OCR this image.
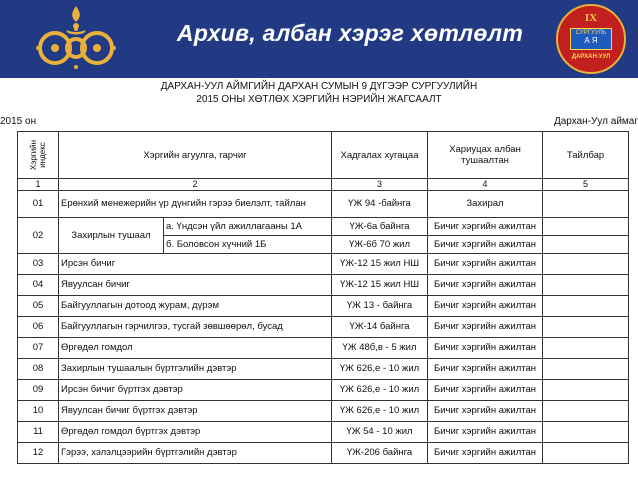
Архив, албан хэрэг хөтлөлт
IX
СУРГУУЛЬ
А Я
ДАРХАН-УУЛ
ДАРХАН-УУЛ АЙМГИЙН ДАРХАН СУМЫН 9 ДҮГЭЭР СУРГУУЛИЙН
2015 ОНЫ ХӨТЛӨХ ХЭРГИЙН НЭРИЙН ЖАГСААЛТ
2015 он	Дархан-Уул аймаг
Хэргийн индекс	Хэргийн агуулга, гарчиг		Хадгалах хугацаа	Хариуцах албан тушаалтан	Тайлбар
1	2		3	4	5
01	Ерөнхий менежерийн үр дүнгийн гэрээ биелэлт, тайлан		ҮЖ 94 -байнга	Захирал	
02	Захирлын тушаал	а. Үндсэн үйл ажиллагааны 1А	ҮЖ-6а байнга	Бичиг хэргийн ажилтан	
		б. Боловсон хүчний 1Б	ҮЖ-6б 70 жил	Бичиг хэргийн ажилтан	
03	Ирсэн бичиг		ҮЖ-12 15 жил НШ	Бичиг хэргийн ажилтан	
04	Явуулсан бичиг		ҮЖ-12 15 жил НШ	Бичиг хэргийн ажилтан	
05	Байгууллагын дотоод журам, дүрэм		ҮЖ 13 - байнга	Бичиг хэргийн ажилтан	
06	Байгууллагын гэрчилгээ, тусгай зөвшөөрөл, бусад		ҮЖ-14 байнга	Бичиг хэргийн ажилтан	
07	Өргөдөл гомдол		ҮЖ 48б,в - 5 жил	Бичиг хэргийн ажилтан	
08	Захирлын тушаалын бүртгэлийн дэвтэр		ҮЖ 626,е - 10 жил	Бичиг хэргийн ажилтан	
09	Ирсэн бичиг бүртгэх дэвтэр		ҮЖ 626,е - 10 жил	Бичиг хэргийн ажилтан	
10	Явуулсан бичиг бүртгэх дэвтэр		ҮЖ 626,е - 10 жил	Бичиг хэргийн ажилтан	
11	Өргөдөл гомдол бүртгэх дэвтэр		ҮЖ 54 - 10 жил	Бичиг хэргийн ажилтан	
12	Гэрээ, хэлэлцээрийн бүртгэлийн дэвтэр		ҮЖ-206 байнга	Бичиг хэргийн ажилтан	
